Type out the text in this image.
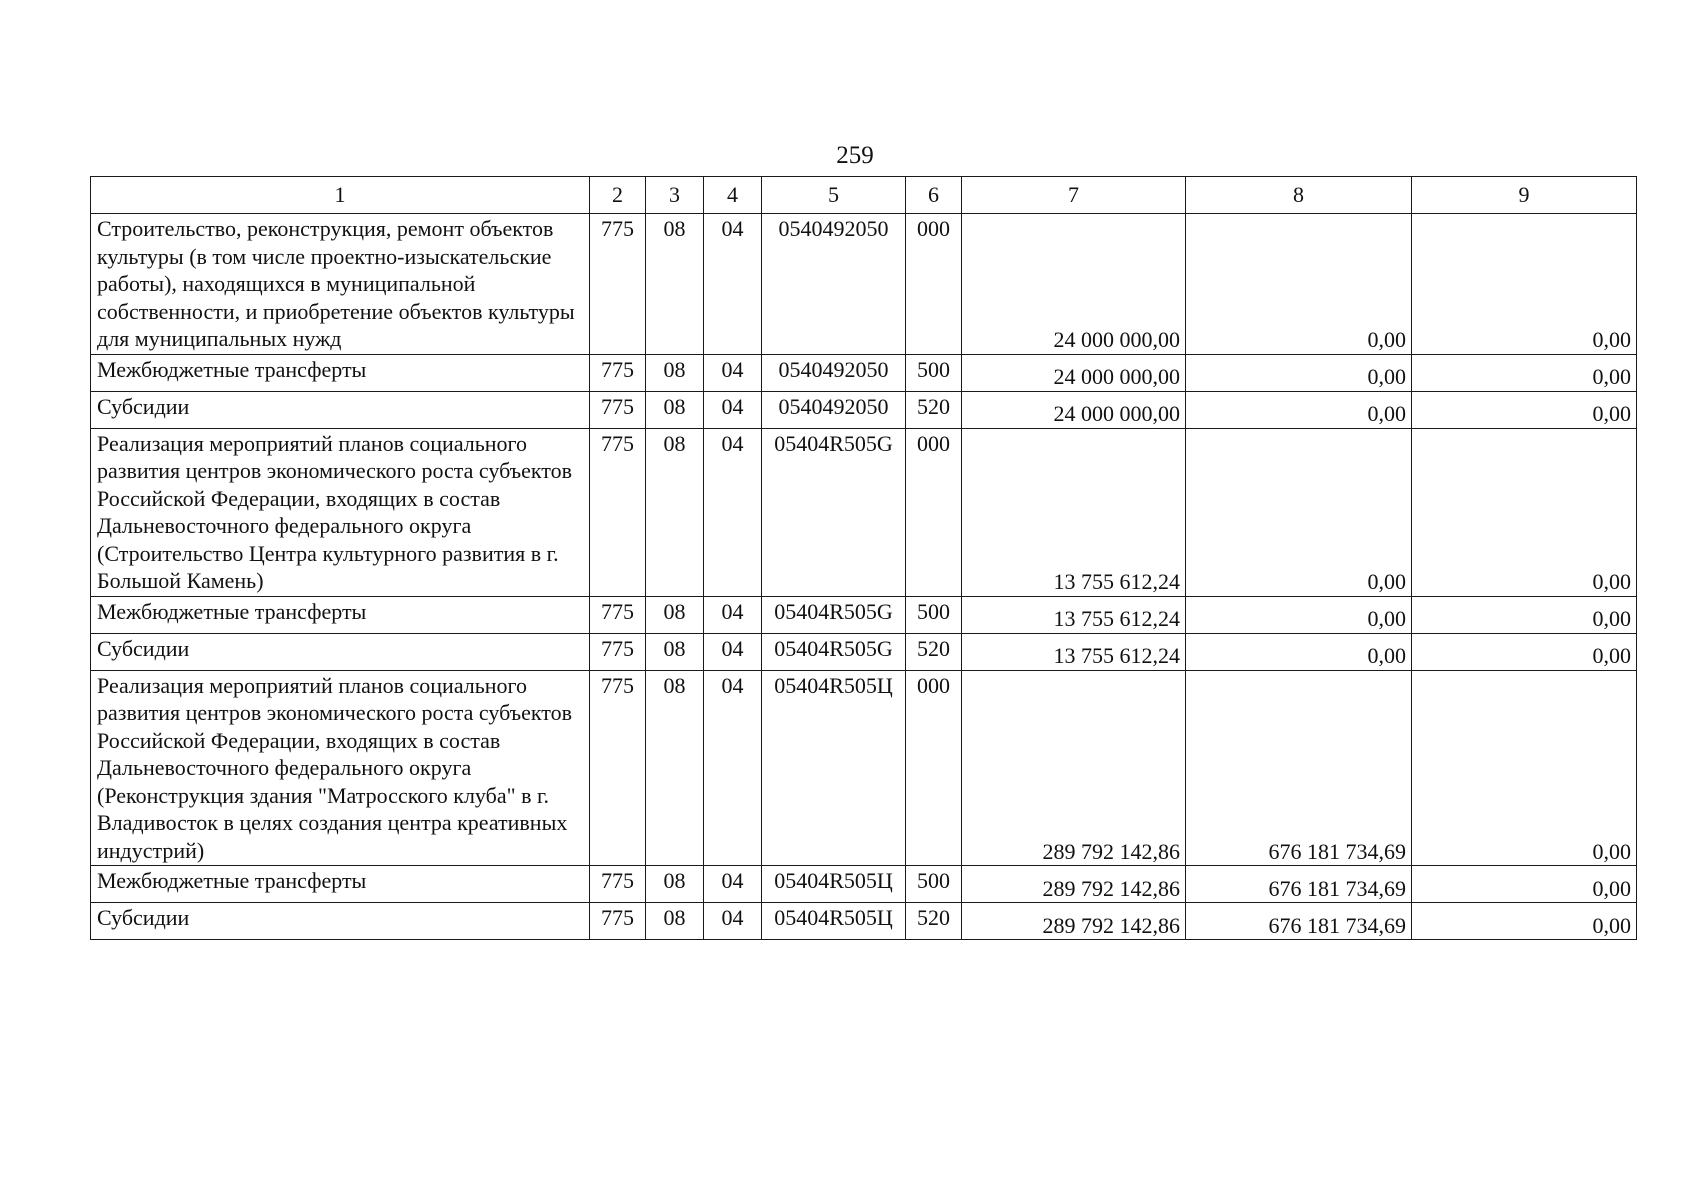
259
1	2	3	4	5	6	7	8	9
Строительство, реконструкция, ремонт объектов культуры (в том числе проектно-изыскательские работы), находящихся в муниципальной собственности, и приобретение объектов культуры для муниципальных нужд	775	08	04	0540492050	000	24 000 000,00	0,00	0,00
Межбюджетные трансферты	775	08	04	0540492050	500	24 000 000,00	0,00	0,00
Субсидии	775	08	04	0540492050	520	24 000 000,00	0,00	0,00
Реализация мероприятий планов социального развития центров экономического роста субъектов Российской Федерации, входящих в состав Дальневосточного федерального округа (Строительство Центра культурного развития в г. Большой Камень)	775	08	04	05404R505G	000	13 755 612,24	0,00	0,00
Межбюджетные трансферты	775	08	04	05404R505G	500	13 755 612,24	0,00	0,00
Субсидии	775	08	04	05404R505G	520	13 755 612,24	0,00	0,00
Реализация мероприятий планов социального развития центров экономического роста субъектов Российской Федерации, входящих в состав Дальневосточного федерального округа (Реконструкция здания "Матросского клуба" в г. Владивосток в целях создания центра креативных индустрий)	775	08	04	05404R505Ц	000	289 792 142,86	676 181 734,69	0,00
Межбюджетные трансферты	775	08	04	05404R505Ц	500	289 792 142,86	676 181 734,69	0,00
Субсидии	775	08	04	05404R505Ц	520	289 792 142,86	676 181 734,69	0,00
